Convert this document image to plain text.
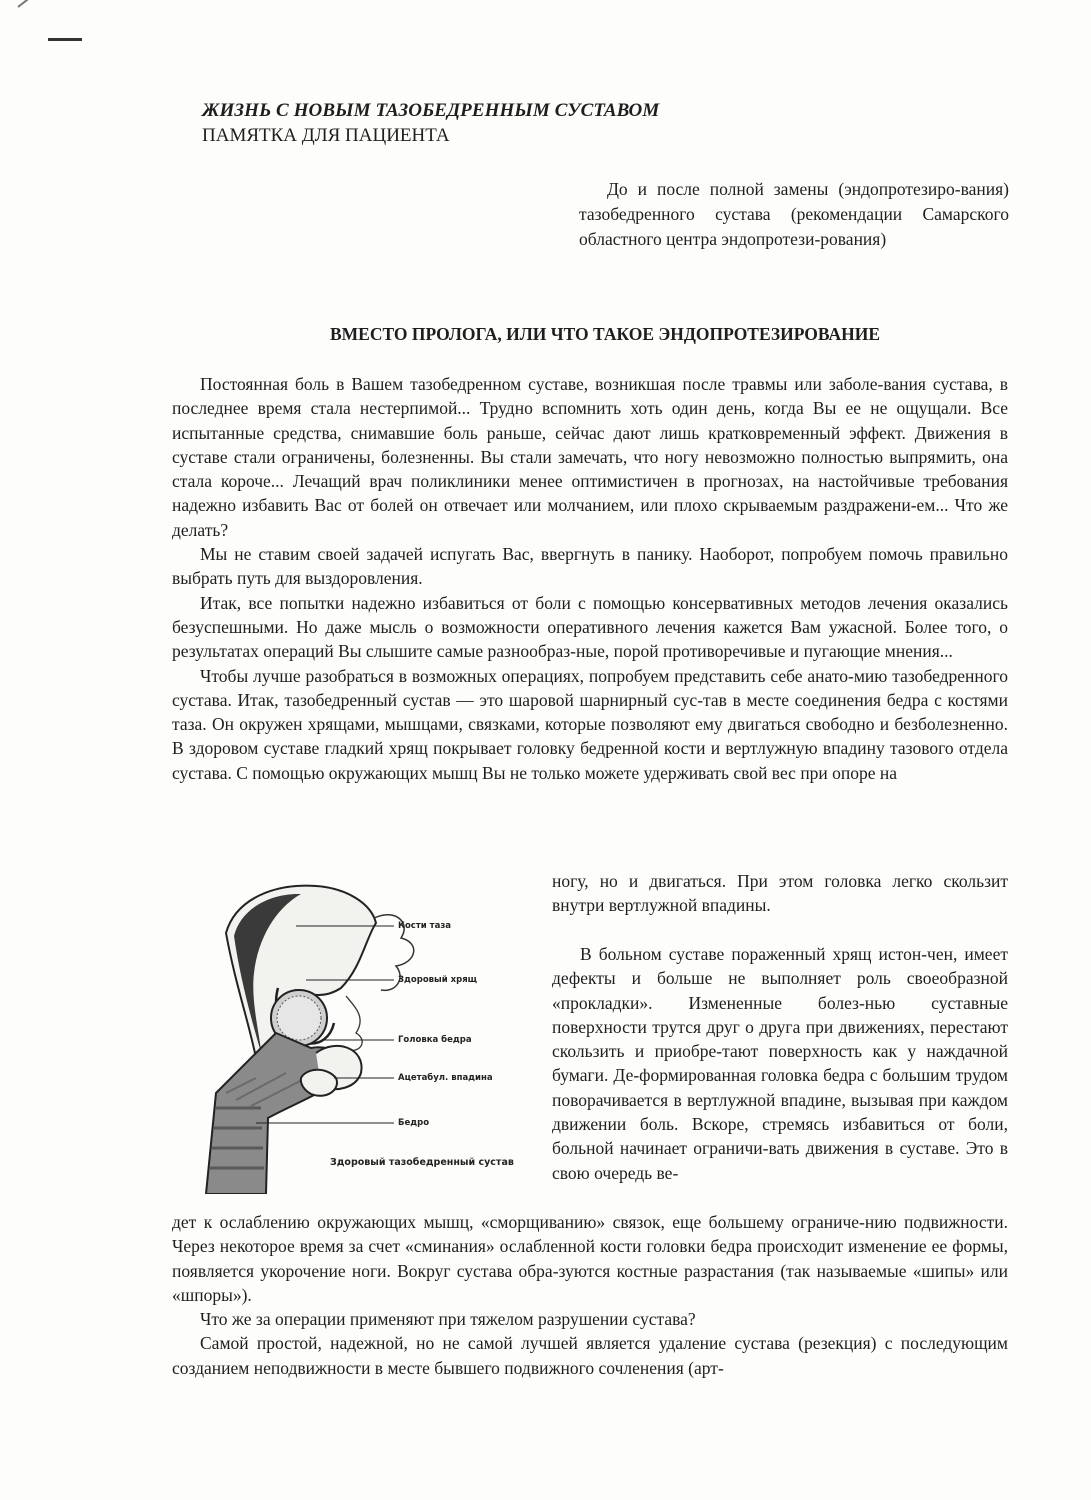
ЖИЗНЬ С НОВЫМ ТАЗОБЕДРЕННЫМ СУСТАВОМ
ПАМЯТКА ДЛЯ ПАЦИЕНТА
До и после полной замены (эндопротезиро-вания) тазобедренного сустава (рекомендации Самарского областного центра эндопротези-рования)
ВМЕСТО ПРОЛОГА, ИЛИ ЧТО ТАКОЕ ЭНДОПРОТЕЗИРОВАНИЕ

Постоянная боль в Вашем тазобедренном суставе, возникшая после травмы или заболе-вания сустава, в последнее время стала нестерпимой... Трудно вспомнить хоть один день, когда Вы ее не ощущали. Все испытанные средства, снимавшие боль раньше, сейчас дают лишь кратковременный эффект. Движения в суставе стали ограничены, болезненны. Вы стали замечать, что ногу невозможно полностью выпрямить, она стала короче... Лечащий врач поликлиники менее оптимистичен в прогнозах, на настойчивые требования надежно избавить Вас от болей он отвечает или молчанием, или плохо скрываемым раздражени-ем... Что же делать?

Мы не ставим своей задачей испугать Вас, ввергнуть в панику. Наоборот, попробуем помочь правильно выбрать путь для выздоровления.

Итак, все попытки надежно избавиться от боли с помощью консервативных методов лечения оказались безуспешными. Но даже мысль о возможности оперативного лечения кажется Вам ужасной. Более того, о результатах операций Вы слышите самые разнообраз-ные, порой противоречивые и пугающие мнения...

Чтобы лучше разобраться в возможных операциях, попробуем представить себе анато-мию тазобедренного сустава. Итак, тазобедренный сустав — это шаровой шарнирный сус-тав в месте соединения бедра с костями таза. Он окружен хрящами, мышцами, связками, которые позволяют ему двигаться свободно и безболезненно. В здоровом суставе гладкий хрящ покрывает головку бедренной кости и вертлужную впадину тазового отдела сустава. С помощью окружающих мышц Вы не только можете удерживать свой вес при опоре на

ногу, но и двигаться. При этом головка легко скользит внутри вертлужной впадины.

В больном суставе пораженный хрящ истон-чен, имеет дефекты и больше не выполняет роль своеобразной «прокладки». Измененные болез-нью суставные поверхности трутся друг о друга при движениях, перестают скользить и приобре-тают поверхность как у наждачной бумаги. Де-формированная головка бедра с большим трудом поворачивается в вертлужной впадине, вызывая при каждом движении боль. Вскоре, стремясь избавиться от боли, больной начинает ограничи-вать движения в суставе. Это в свою очередь ве-

Кости таза
Здоровый хрящ
Головка бедра
Ацетабул. впадина
Бедро
Здоровый тазобедренный сустав

дет к ослаблению окружающих мышц, «сморщиванию» связок, еще большему ограниче-нию подвижности. Через некоторое время за счет «сминания» ослабленной кости головки бедра происходит изменение ее формы, появляется укорочение ноги. Вокруг сустава обра-зуются костные разрастания (так называемые «шипы» или «шпоры»).

Что же за операции применяют при тяжелом разрушении сустава?

Самой простой, надежной, но не самой лучшей является удаление сустава (резекция) с последующим созданием неподвижности в месте бывшего подвижного сочленения (арт-
